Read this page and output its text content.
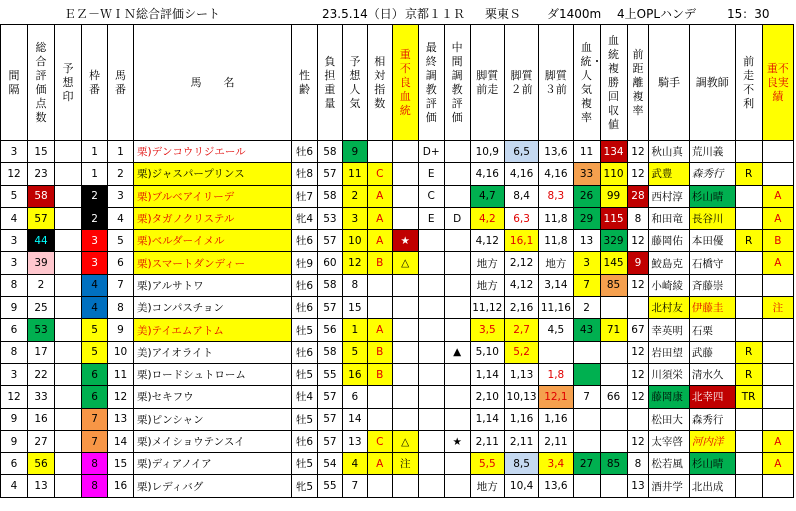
ＥＺ－ＷＩＮ総合評価シート	23.5.14（日） 京都１１Ｒ 栗東Ｓ ダ1400m 4上OPLハンデ	15：30
間隔	総合評価点数	予想印	枠番	馬番	馬　　名	性齢	負担重量	予想人気	相対指数	重不良血統	最終調教評価	中間調教評価	脚質前走	脚質２前	脚質３前	血統・人気複率	血統複勝回収値	前距離複率	騎手	調教師	前走不利	重不良実績
3	15		1	1	栗)デンコウリジエール	牡6	58	9			D+		10,9	6,5	13,6	11	134	12	秋山真	荒川義		
12	23		1	2	栗)ジャスパープリンス	牡8	57	11	C		E		4,16	4,16	4,16	33	110	12	武豊	森秀行	R	
5	58		2	3	栗)ブルベアイリーデ	牡7	58	2	A		C		4,7	8,4	8,3	26	99	28	西村淳	杉山晴		A
4	57		2	4	栗)タガノクリステル	牝4	53	3	A		E	D	4,2	6,3	11,8	29	115	8	和田竜	長谷川		A
3	44		3	5	栗)ベルダーイメル	牡6	57	10	A	★			4,12	16,1	11,8	13	329	12	藤岡佑	本田優	R	B
3	39		3	6	栗)スマートダンディー	牡9	60	12	B	△			地方	2,12	地方	3	145	9	鮫島克	石橋守		A
8	2		4	7	栗)アルサトワ	牡6	58	8					地方	4,12	3,14	7	85	12	小崎綾	斉藤崇		
9	25		4	8	美)コンパスチョン	牡6	57	15					11,12	2,16	11,16	2			北村友	伊藤圭		注
6	53		5	9	美)テイエムアトム	牡5	56	1	A				3,5	2,7	4,5	43	71	67	幸英明	石栗		
8	17		5	10	美)アイオライト	牡6	58	5	B			▲	5,10	5,2				12	岩田望	武藤	R	
3	22		6	11	栗)ロードシュトローム	牡5	55	16	B				1,14	1,13	1,8			12	川須栄	清水久	R	
12	33		6	12	栗)セキフウ	牡4	57	6					2,10	10,13	12,1	7	66	12	藤岡康	北幸四	TR	
9	16		7	13	栗)ピンシャン	牡5	57	14					1,14	1,16	1,16				松田大	森秀行		
9	27		7	14	栗)メイショウテンスイ	牡6	57	13	C	△		★	2,11	2,11	2,11			12	太宰啓	河内洋		A
6	56		8	15	栗)ディアノイア	牡5	54	4	A	注			5,5	8,5	3,4	27	85	8	松若風	杉山晴		A
4	13		8	16	栗)レディバグ	牝5	55	7					地方	10,4	13,6			13	酒井学	北出成		
